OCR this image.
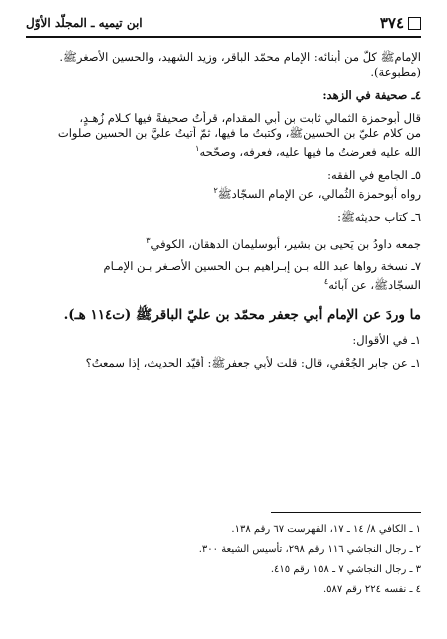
٣٧٤
ابن تيميه ـ المجلّد الأوّل
الإمامﷺ كلٌّ من أبنائه: الإمام محمّد الباقر، وزيد الشهيد، والحسين الأصغرﷺ.
(مطبوعة).
٤ـ صحيفة في الزهد:
قال أبوحمزة الثمالي ثابت بن أبي المقدام، قرأتُ صحيفةً فيها كـلام زُهـدٍ،
من كلام عليّ بن الحسينﷺ، وكتبتُ ما فيها، ثمّ أتيتُ عليَّ بن الحسين صلوات
الله عليه فعرضتُ ما فيها عليه، فعرفه، وصحّحه$^١$
٥ـ الجامع في الفقه:
رواه أبوحمزة الثُمالي، عن الإمام السجّادﷺ$^٢$
٦ـ كتاب حديثهﷺ:
جمعه داودُ بن يَحيى بن بشير، أبوسليمان الدهقان، الكوفي$^٣$
٧ـ نسخة رواها عبد الله بـن إبـراهيم بـن الحسين الأصـغر بـن الإمـام
السجّادﷺ، عن آبائه$^٤$
ما وردَ عن الإمام أبي جعفر محمّد بن عليّ الباقرﷺ (ت١١٤ هـ).
١ـ في الأقوال:
١ـ عن جابر الجُعْفي، قال: قلت لأبي جعفرﷺ: أُقيّد الحديث، إذا سمعتُ؟
١ ـ الكافي ٨/ ١٤ ـ ١٧، الفهرست ٦٧ رقم ١٣٨.
٢ ـ رجال النجاشي ١١٦ رقم ٢٩٨، تأسيس الشيعة ٣٠٠.
٣ ـ رجال النجاشي ٧ ـ ١٥٨ رقم ٤١٥.
٤ ـ نفسه ٢٢٤ رقم ٥٨٧.
